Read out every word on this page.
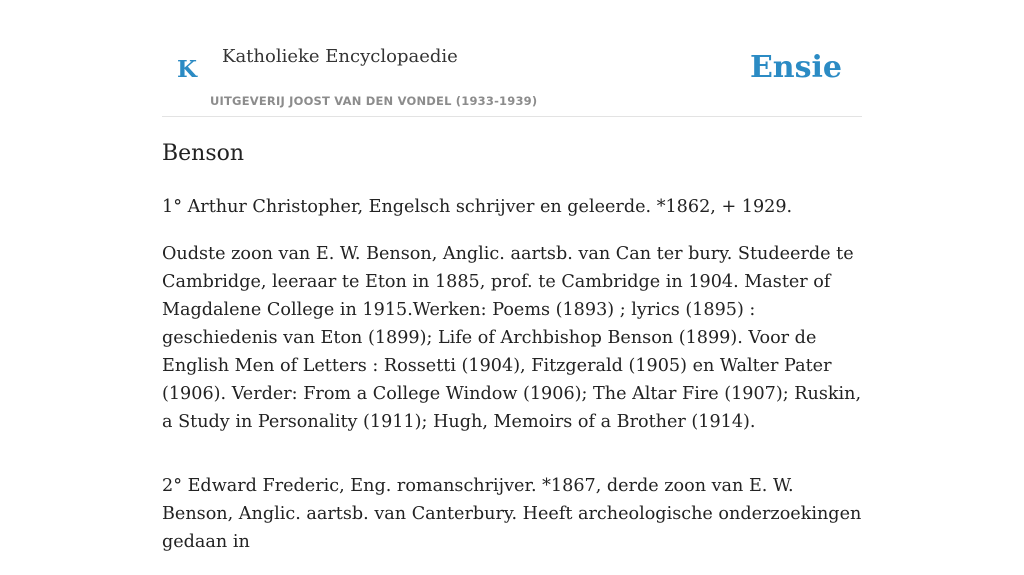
K Katholieke Encyclopaedie
UITGEVERIJ JOOST VAN DEN VONDEL (1933-1939)
Ensie
Benson

1° Arthur Christopher, Engelsch schrijver en geleerde. *1862, + 1929.

Oudste zoon van E. W. Benson, Anglic. aartsb. van Can ter bury. Studeerde te Cambridge, leeraar te Eton in 1885, prof. te Cambridge in 1904. Master of Magdalene College in 1915.Werken: Poems (1893) ; lyrics (1895) : geschiedenis van Eton (1899); Life of Archbishop Benson (1899). Voor de English Men of Letters : Rossetti (1904), Fitzgerald (1905) en Walter Pater (1906). Verder: From a College Window (1906); The Altar Fire (1907); Ruskin, a Study in Personality (1911); Hugh, Memoirs of a Brother (1914).

2° Edward Frederic, Eng. romanschrijver. *1867, derde zoon van E. W. Benson, Anglic. aartsb. van Canterbury. Heeft archeologische onderzoekingen gedaan in
